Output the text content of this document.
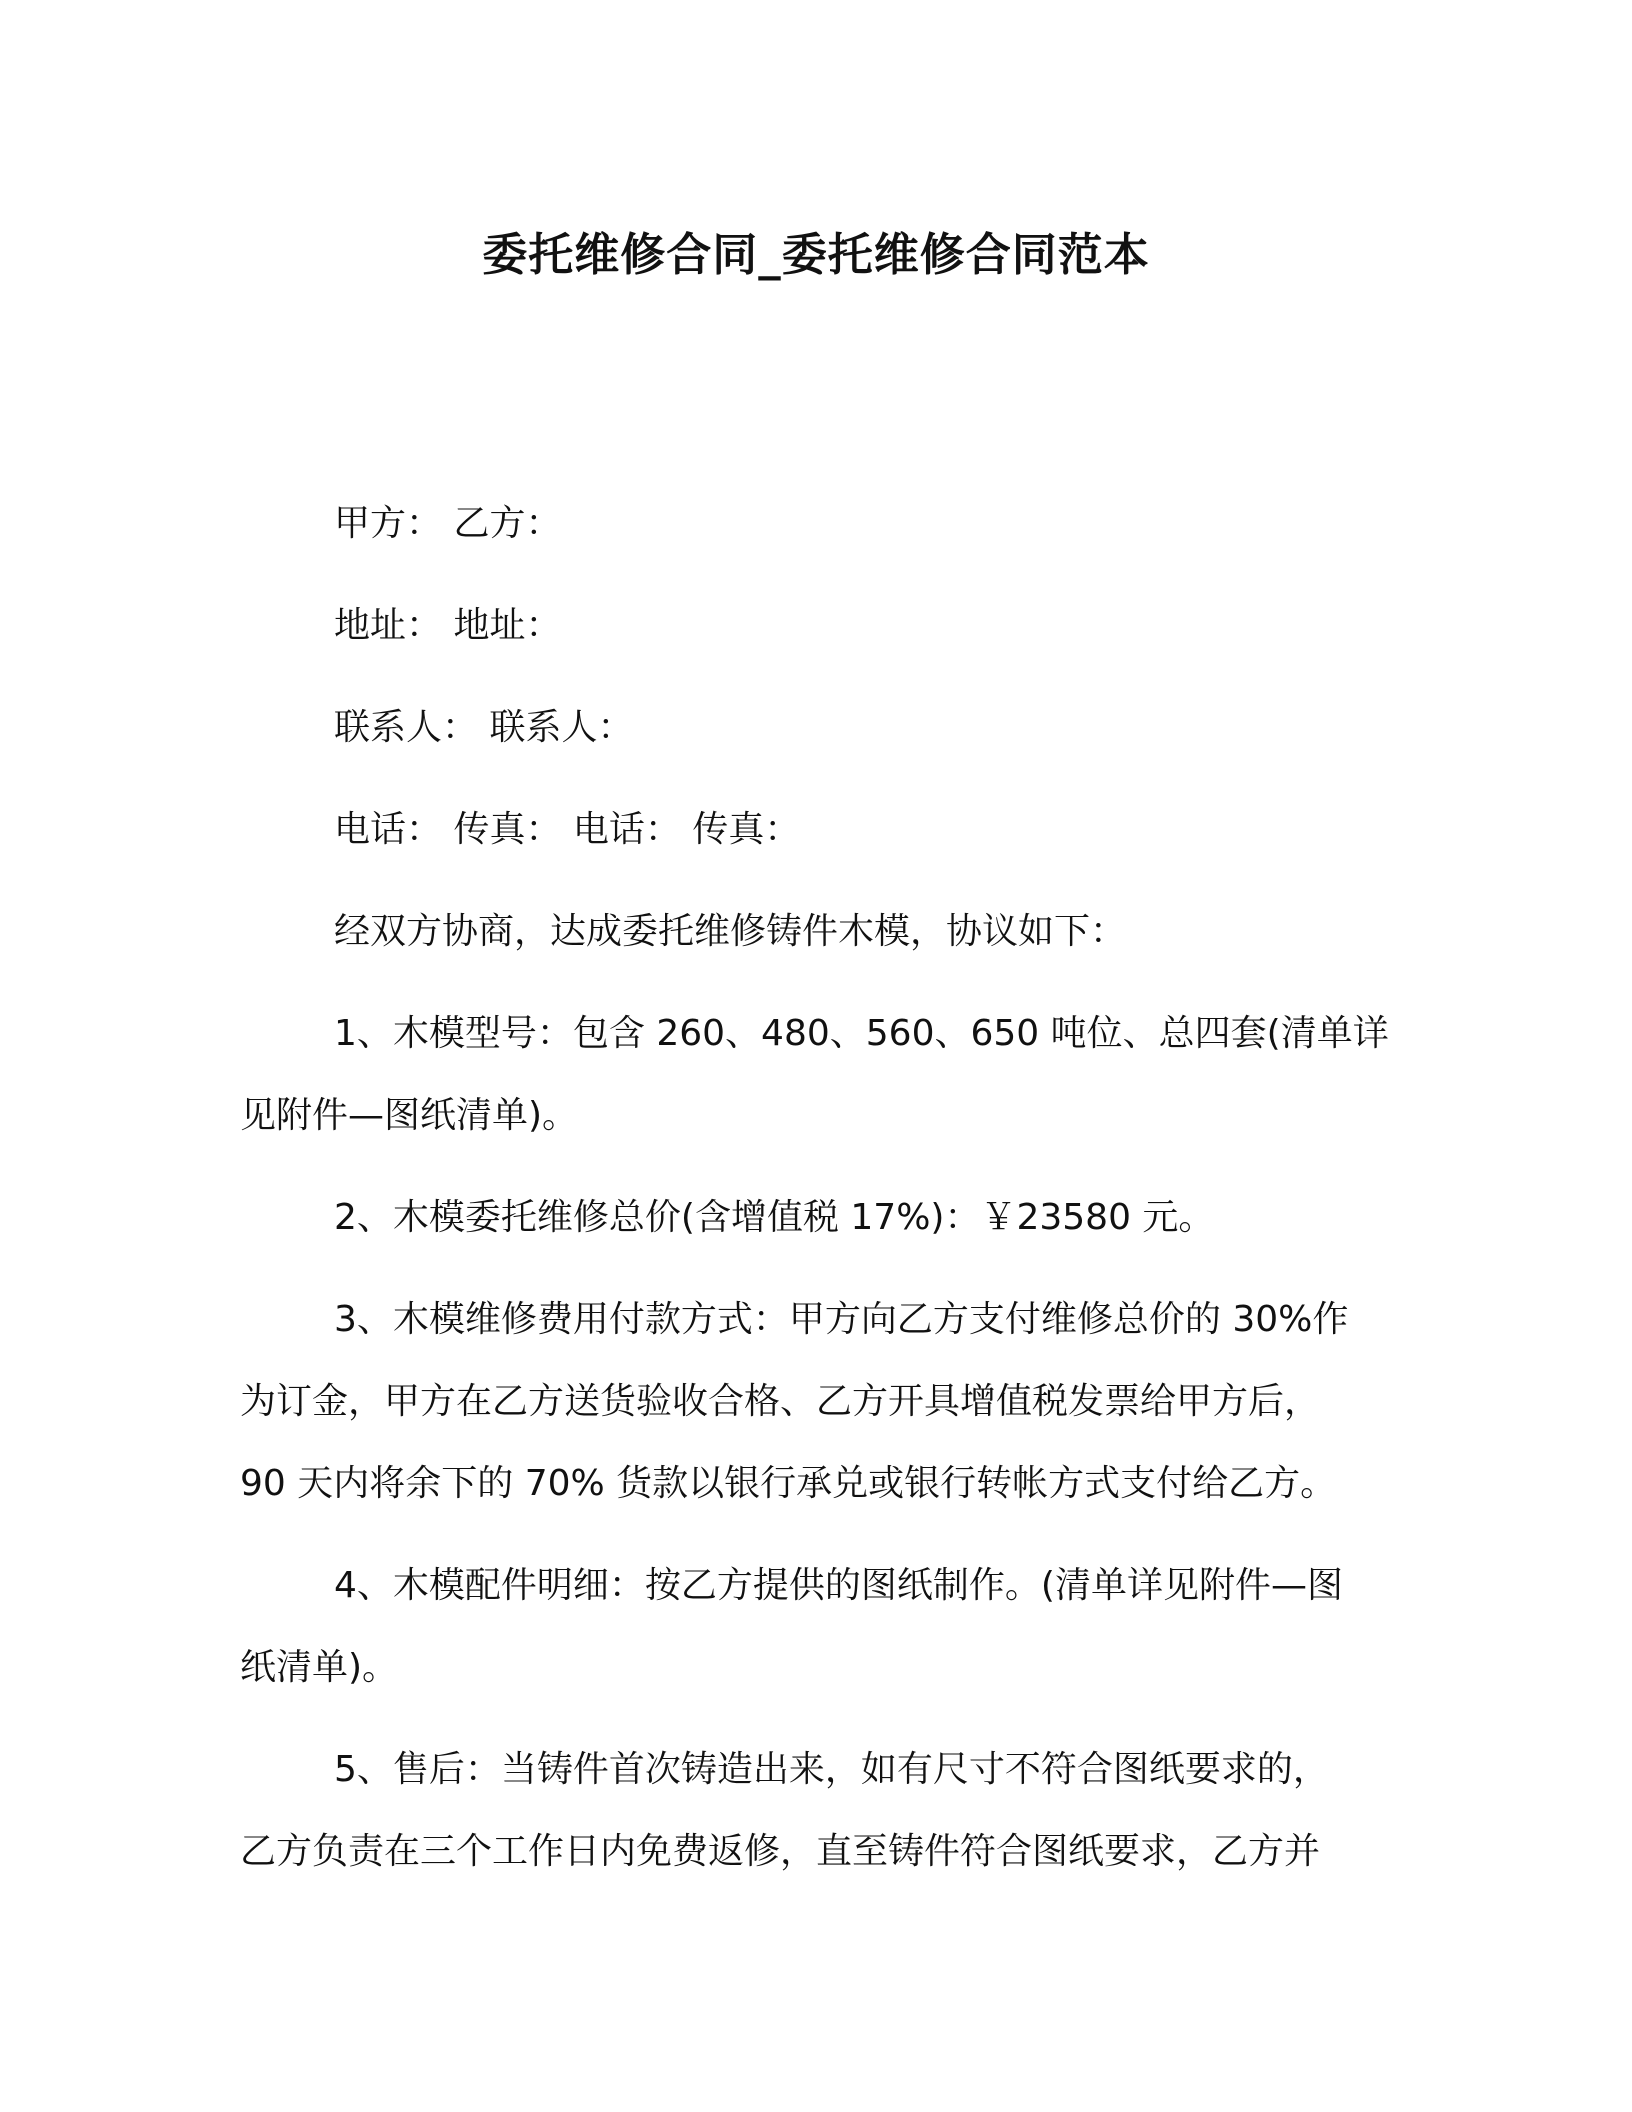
委托维修合同_委托维修合同范本
甲方： 乙方：
地址： 地址：
联系人： 联系人：
电话： 传真： 电话： 传真：
经双方协商，达成委托维修铸件木模，协议如下：
1、木模型号：包含 260、480、560、650 吨位、总四套(清单详
见附件—图纸清单)。
2、木模委托维修总价(含增值税 17%)：￥23580 元。
3、木模维修费用付款方式：甲方向乙方支付维修总价的 30%作
为订金，甲方在乙方送货验收合格、乙方开具增值税发票给甲方后，
90 天内将余下的 70% 货款以银行承兑或银行转帐方式支付给乙方。
4、木模配件明细：按乙方提供的图纸制作。(清单详见附件—图
纸清单)。
5、售后：当铸件首次铸造出来，如有尺寸不符合图纸要求的，
乙方负责在三个工作日内免费返修，直至铸件符合图纸要求，乙方并
